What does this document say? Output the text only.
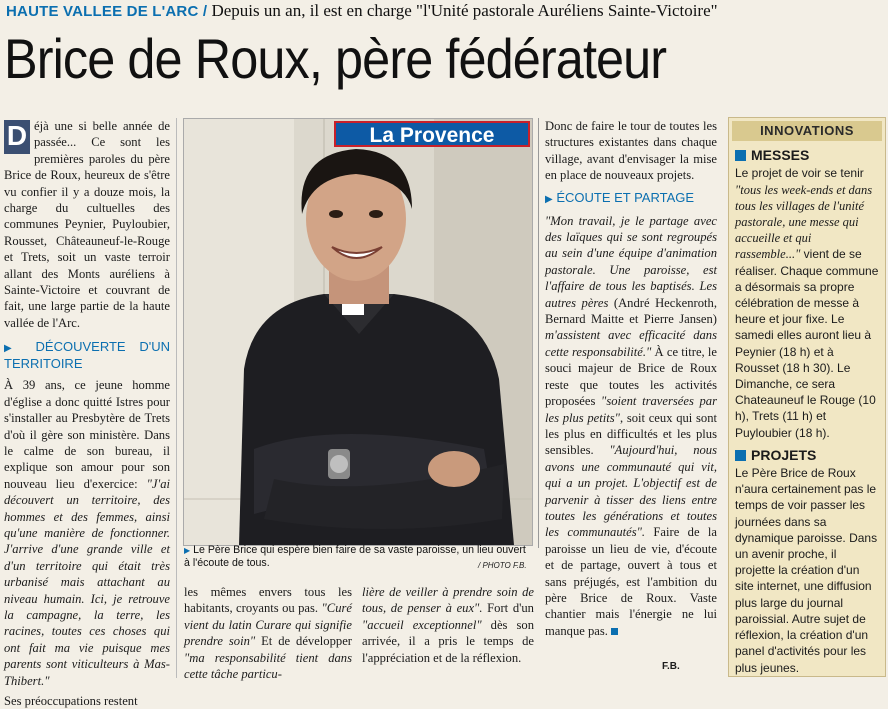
HAUTE VALLEE DE L'ARC / Depuis un an, il est en charge "l'Unité pastorale Auréliens Sainte-Victoire"
Brice de Roux, père fédérateur
D éjà une si belle année de passée... Ce sont les premières paroles du père Brice de Roux, heureux de s'être vu confier il y a douze mois, la charge du cultuelles des communes Peynier, Puyloubier, Rousset, Châteauneuf-le-Rouge et Trets, soit un vaste terroir allant des Monts auréliens à Sainte-Victoire et couvrant de fait, une large partie de la haute vallée de l'Arc.

▶ DÉCOUVERTE D'UN TERRITOIRE

À 39 ans, ce jeune homme d'église a donc quitté Istres pour s'installer au Presbytère de Trets d'où il gère son ministère. Dans le calme de son bureau, il explique son amour pour son nouveau lieu d'exercice: "J'ai découvert un territoire, des hommes et des femmes, ainsi qu'une manière de fonctionner. J'arrive d'une grande ville et d'un territoire qui était très urbanisé mais attachant au niveau humain. Ici, je retrouve la campagne, la terre, les racines, toutes ces choses qui ont fait ma vie puisque mes parents sont viticulteurs à Mas-Thibert."

Ses préoccupations restent

La Provence
▶ Le Père Brice qui espère bien faire de sa vaste paroisse, un lieu ouvert à l'écoute de tous.	/ PHOTO F.B.
les mêmes envers tous les habitants, croyants ou pas. "Curé vient du latin Curare qui signifie prendre soin" Et de développer "ma responsabilité tient dans cette tâche particu-
lière de veiller à prendre soin de tous, de penser à eux". Fort d'un "accueil exceptionnel" dès son arrivée, il a pris le temps de l'appréciation et de la réflexion.

Donc de faire le tour de toutes les structures existantes dans chaque village, avant d'envisager la mise en place de nouveaux projets.

▶ ÉCOUTE ET PARTAGE

"Mon travail, je le partage avec des laïques qui se sont regroupés au sein d'une équipe d'animation pastorale. Une paroisse, est l'affaire de tous les baptisés. Les autres pères (André Heckenroth, Bernard Maitte et Pierre Jansen) m'assistent avec efficacité dans cette responsabilité." À ce titre, le souci majeur de Brice de Roux reste que toutes les activités proposées "soient traversées par les plus petits", soit ceux qui sont les plus en difficultés et les plus sensibles. "Aujourd'hui, nous avons une communauté qui vit, qui a un projet. L'objectif est de parvenir à tisser des liens entre toutes les générations et toutes les communautés". Faire de la paroisse un lieu de vie, d'écoute et de partage, ouvert à tous et sans préjugés, est l'ambition du père Brice de Roux. Vaste chantier mais l'énergie ne lui manque pas.

F.B.
INNOVATIONS
MESSES
Le projet de voir se tenir "tous les week-ends et dans tous les villages de l'unité pastorale, une messe qui accueille et qui rassemble..." vient de se réaliser. Chaque commune a désormais sa propre célébration de messe à heure et jour fixe. Le samedi elles auront lieu à Peynier (18 h) et à Rousset (18 h 30). Le Dimanche, ce sera Chateauneuf le Rouge (10 h), Trets (11 h) et Puyloubier (18 h).
PROJETS
Le Père Brice de Roux n'aura certainement pas le temps de voir passer les journées dans sa dynamique paroisse. Dans un avenir proche, il projette la création d'un site internet, une diffusion plus large du journal paroissial. Autre sujet de réflexion, la création d'un panel d'activités pour les plus jeunes.
